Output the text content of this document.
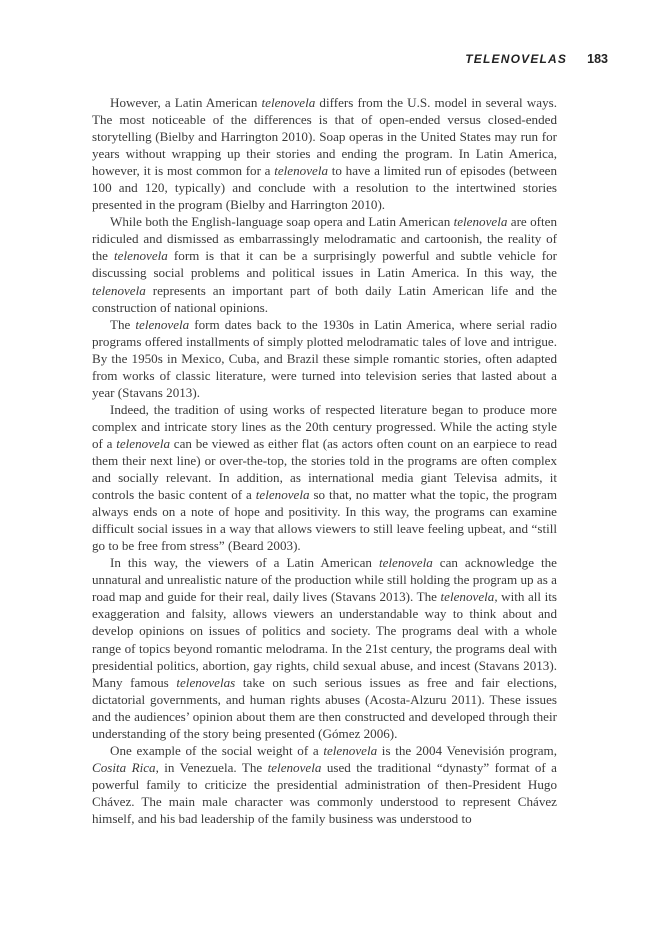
TELENOVELAS 183

However, a Latin American telenovela differs from the U.S. model in several ways. The most noticeable of the differences is that of open-ended versus closed-ended storytelling (Bielby and Harrington 2010). Soap operas in the United States may run for years without wrapping up their stories and ending the program. In Latin America, however, it is most common for a telenovela to have a limited run of episodes (between 100 and 120, typically) and conclude with a resolution to the intertwined stories presented in the program (Bielby and Harrington 2010).

While both the English-language soap opera and Latin American telenovela are often ridiculed and dismissed as embarrassingly melodramatic and cartoonish, the reality of the telenovela form is that it can be a surprisingly powerful and subtle vehicle for discussing social problems and political issues in Latin America. In this way, the telenovela represents an important part of both daily Latin American life and the construction of national opinions.

The telenovela form dates back to the 1930s in Latin America, where serial radio programs offered installments of simply plotted melodramatic tales of love and intrigue. By the 1950s in Mexico, Cuba, and Brazil these simple romantic stories, often adapted from works of classic literature, were turned into television series that lasted about a year (Stavans 2013).

Indeed, the tradition of using works of respected literature began to produce more complex and intricate story lines as the 20th century progressed. While the acting style of a telenovela can be viewed as either flat (as actors often count on an earpiece to read them their next line) or over-the-top, the stories told in the programs are often complex and socially relevant. In addition, as international media giant Televisa admits, it controls the basic content of a telenovela so that, no matter what the topic, the program always ends on a note of hope and positivity. In this way, the programs can examine difficult social issues in a way that allows viewers to still leave feeling upbeat, and “still go to be free from stress” (Beard 2003).

In this way, the viewers of a Latin American telenovela can acknowledge the unnatural and unrealistic nature of the production while still holding the program up as a road map and guide for their real, daily lives (Stavans 2013). The telenovela, with all its exaggeration and falsity, allows viewers an understandable way to think about and develop opinions on issues of politics and society. The programs deal with a whole range of topics beyond romantic melodrama. In the 21st century, the programs deal with presidential politics, abortion, gay rights, child sexual abuse, and incest (Stavans 2013). Many famous telenovelas take on such serious issues as free and fair elections, dictatorial governments, and human rights abuses (Acosta-Alzuru 2011). These issues and the audiences’ opinion about them are then constructed and developed through their understanding of the story being presented (Gómez 2006).

One example of the social weight of a telenovela is the 2004 Venevisión program, Cosita Rica, in Venezuela. The telenovela used the traditional “dynasty” format of a powerful family to criticize the presidential administration of then-President Hugo Chávez. The main male character was commonly understood to represent Chávez himself, and his bad leadership of the family business was understood to
